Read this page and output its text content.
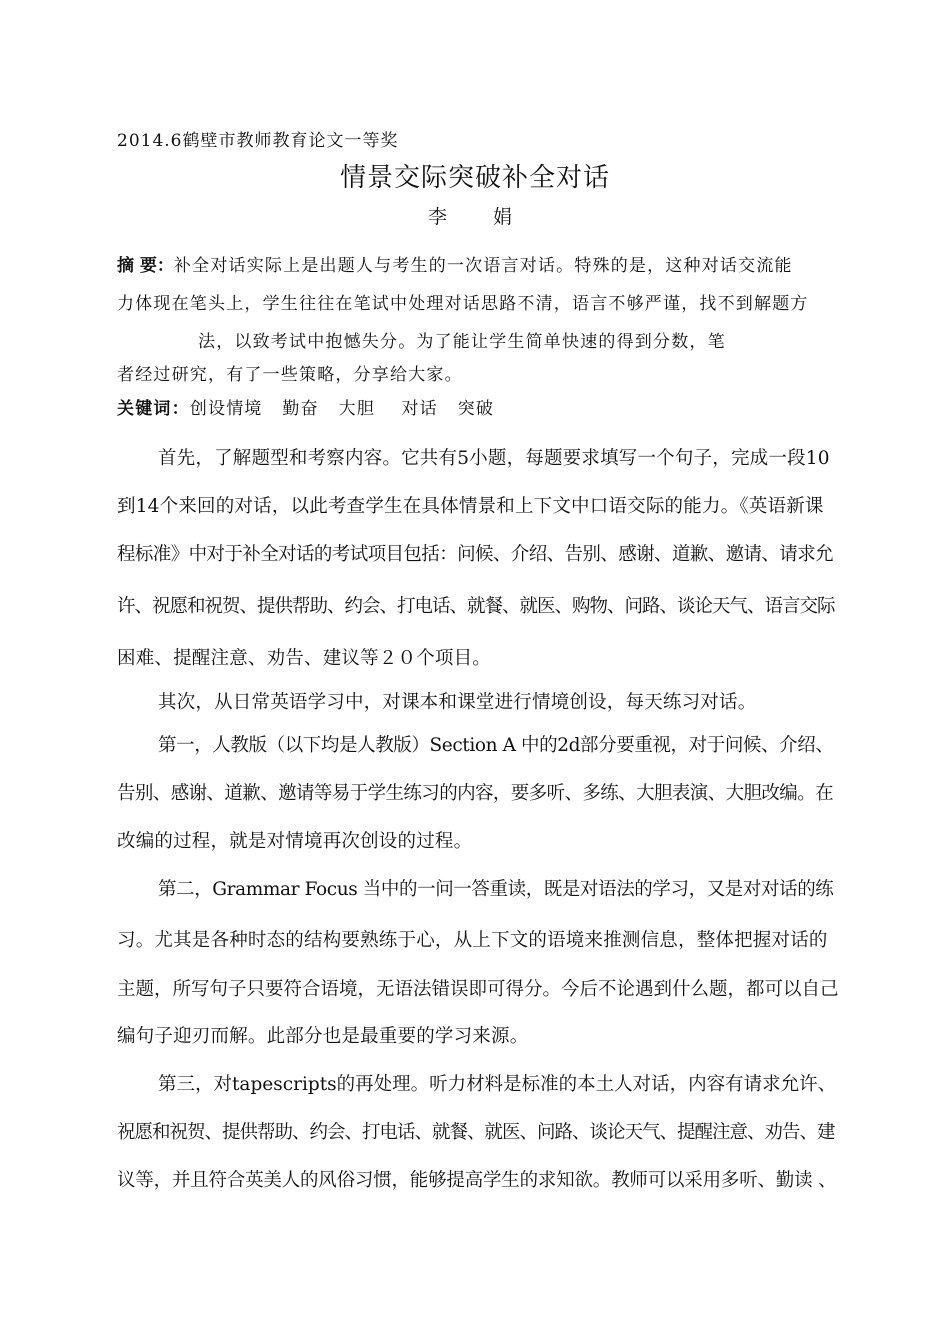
2014.6鹤壁市教师教育论文一等奖
情景交际突破补全对话
李 娟
摘 要：补全对话实际上是出题人与考生的一次语言对话。特殊的是，这种对话交流能
力体现在笔头上，学生往往在笔试中处理对话思路不清，语言不够严谨，找不到解题方
法，以致考试中抱憾失分。为了能让学生简单快速的得到分数，笔
者经过研究，有了一些策略，分享给大家。
关键词：创设情境   勤奋   大胆    对话   突破
首先，了解题型和考察内容。它共有5小题，每题要求填写一个句子，完成一段10
到14个来回的对话，以此考查学生在具体情景和上下文中口语交际的能力。《英语新课
程标准》中对于补全对话的考试项目包括：问候、介绍、告别、感谢、道歉、邀请、请求允
许、祝愿和祝贺、提供帮助、约会、打电话、就餐、就医、购物、问路、谈论天气、语言交际
困难、提醒注意、劝告、建议等２０个项目。
其次，从日常英语学习中，对课本和课堂进行情境创设，每天练习对话。
第一，人教版（以下均是人教版）Section A 中的2d部分要重视，对于问候、介绍、
告别、感谢、道歉、邀请等易于学生练习的内容，要多听、多练、大胆表演、大胆改编。在
改编的过程，就是对情境再次创设的过程。
第二，Grammar Focus 当中的一问一答重读，既是对语法的学习，又是对对话的练
习。尤其是各种时态的结构要熟练于心，从上下文的语境来推测信息，整体把握对话的
主题，所写句子只要符合语境，无语法错误即可得分。今后不论遇到什么题，都可以自己
编句子迎刃而解。此部分也是最重要的学习来源。
第三，对tapescripts的再处理。听力材料是标准的本土人对话，内容有请求允许、
祝愿和祝贺、提供帮助、约会、打电话、就餐、就医、问路、谈论天气、提醒注意、劝告、建
议等，并且符合英美人的风俗习惯，能够提高学生的求知欲。教师可以采用多听、勤读 、
